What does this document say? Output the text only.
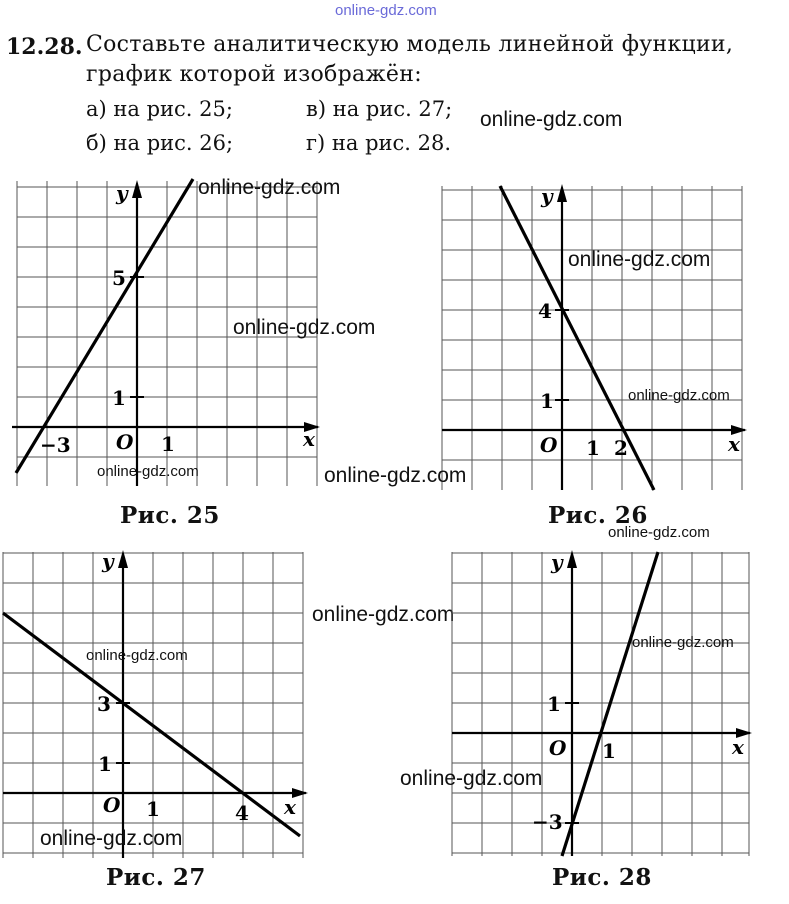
online-gdz.com
12.28. Составьте аналитическую модель линейной функции,
график которой изображён:
а) на рис. 25;	в) на рис. 27;
б) на рис. 26;	г) на рис. 28.
online-gdz.com
y
x
O
5
1
−3	1
Рис. 25
online-gdz.com
online-gdz.com
online-gdz.com
y
x
O
4
1
1 2
Рис. 26
online-gdz.com
online-gdz.com
online-gdz.com
online-gdz.com
y
x
O
3
1
1	4
Рис. 27
online-gdz.com
online-gdz.com
online-gdz.com
y
x
O
1
1
−3
Рис. 28
online-gdz.com
online-gdz.com
